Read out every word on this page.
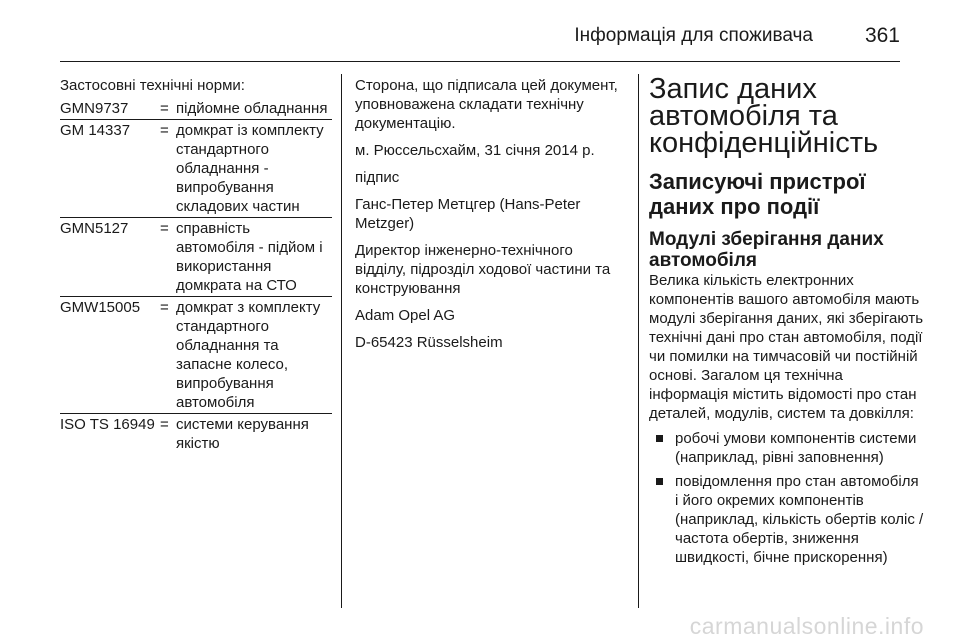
Інформація для споживача 361

Застосовні технічні норми:

GMN9737	= підйомне обладнання
GM 14337	= домкрат із комплекту стандартного обладнання - випробування складових частин
GMN5127	= справність автомобіля - підйом і використання домкрата на СТО
GMW15005	= домкрат з комплекту стандартного обладнання та запасне колесо, випробування автомобіля
ISO TS 16949 = системи керування якістю

Сторона, що підписала цей документ, уповноважена складати технічну документацію.

м. Рюссельсхайм, 31 січня 2014 р.

підпис

Ганс-Петер Метцгер (Hans-Peter Metzger)

Директор інженерно-технічного відділу, підрозділ ходової частини та конструювання

Adam Opel AG

D-65423 Rüsselsheim

Запис даних автомобіля та конфіденційність
Записуючі пристрої даних про події
Модулі зберігання даних автомобіля

Велика кількість електронних компонентів вашого автомобіля мають модулі зберігання даних, які зберігають технічні дані про стан автомобіля, події чи помилки на тимчасовій чи постійній основі. Загалом ця технічна інформація містить відомості про стан деталей, модулів, систем та довкілля:

робочі умови компонентів системи (наприклад, рівні заповнення)
повідомлення про стан автомобіля і його окремих компонентів (наприклад, кількість обертів коліс / частота обертів, зниження швидкості, бічне прискорення)
carmanualsonline.info
